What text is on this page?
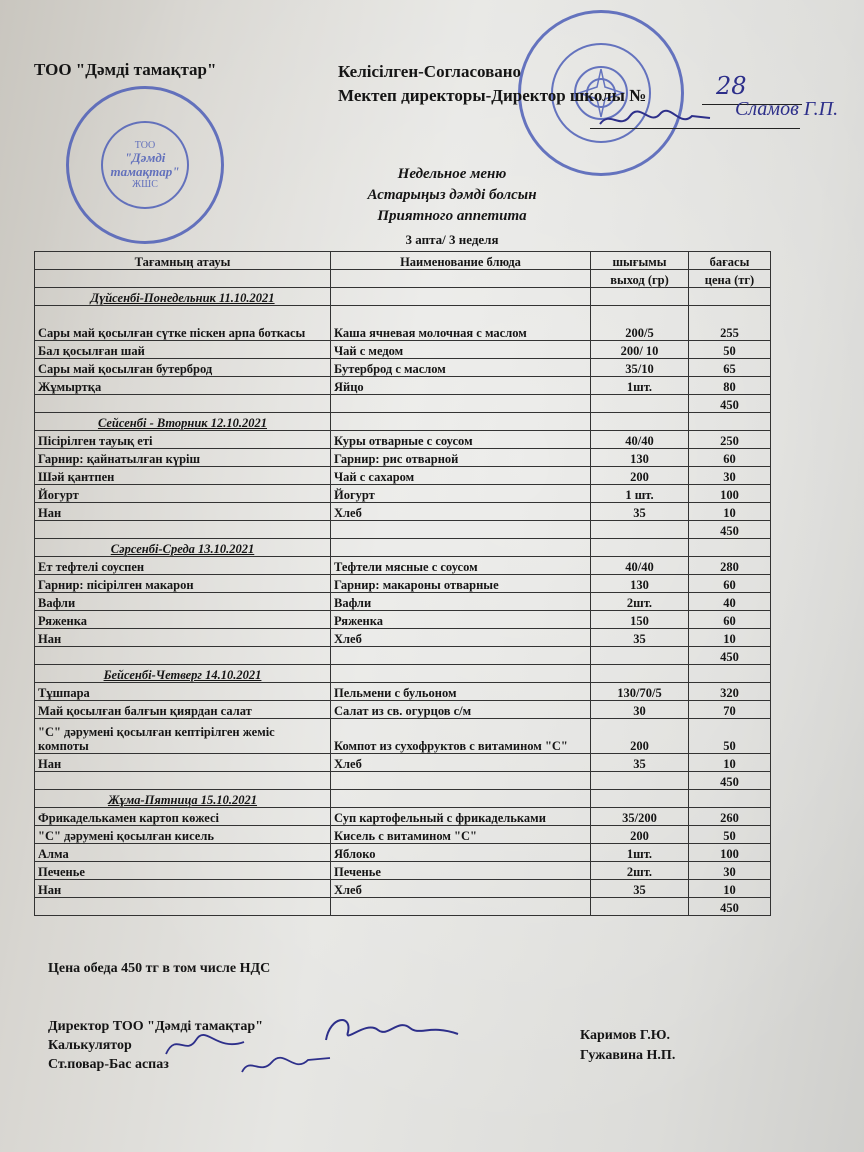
ТОО
"Дәмді
тамақтар"
ЖШС
ТОО "Дәмді тамақтар"	Келісілген-Согласовано
Мектеп директоры-Директор школы №	28
Сламов Г.П.
Недельное меню
Астарыңыз дәмді болсын
Приятного аппетита
3 апта/ 3 неделя
Тағамның атауы	Наименование блюда	шығымы	бағасы
		выход (гр)	цена (тг)
Дүйсенбі-Понедельник 11.10.2021			
Сары май қосылған сүтке піскен арпа боткасы	Каша ячневая молочная с маслом	200/5	255
Бал қосылған шай	Чай с медом	200/ 10	50
Сары май қосылған бутерброд	Бутерброд с маслом	35/10	65
Жұмыртқа	Яйцо	1шт.	80
			450
Сейсенбі - Вторник 12.10.2021			
Пісірілген тауық еті	Куры отварные с соусом	40/40	250
Гарнир: қайнатылған күріш	Гарнир: рис отварной	130	60
Шәй қантпен	Чай с сахаром	200	30
Йогурт	Йогурт	1 шт.	100
Нан	Хлеб	35	10
			450
Сәрсенбі-Среда 13.10.2021			
Ет тефтелі соуспен	Тефтели мясные с соусом	40/40	280
Гарнир: пісірілген макарон	Гарнир: макароны отварные	130	60
Вафли	Вафли	2шт.	40
Ряженка	Ряженка	150	60
Нан	Хлеб	35	10
			450
Бейсенбі-Четверг 14.10.2021			
Тұшпара	Пельмени с бульоном	130/70/5	320
Май қосылған балғын қиярдан салат	Салат из св. огурцов с/м	30	70
"С" дәрумені қосылған кептірілген жеміс компоты	Компот из сухофруктов с витамином "С"	200	50
Нан	Хлеб	35	10
			450
Жұма-Пятница 15.10.2021			
Фрикаделькамен картоп көжесі	Суп картофельный с фрикадельками	35/200	260
"С" дәрумені қосылған кисель	Кисель с витамином "С"	200	50
Алма	Яблоко	1шт.	100
Печенье	Печенье	2шт.	30
Нан	Хлеб	35	10
			450
Цена обеда 450 тг в том числе НДС
Директор ТОО "Дәмді тамақтар"
Калькулятор
Ст.повар-Бас аспаз
Каримов Г.Ю.
Гужавина Н.П.
